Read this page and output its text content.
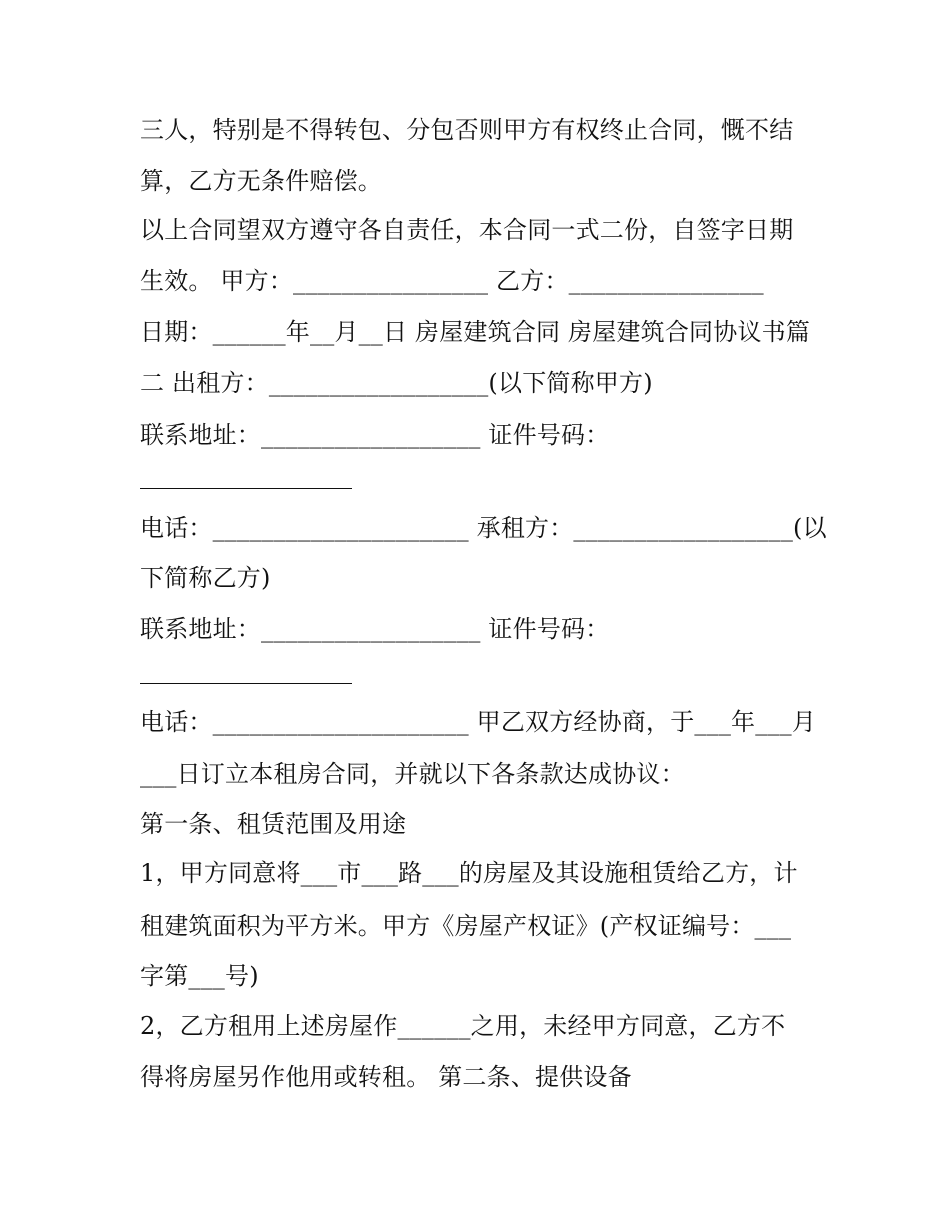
三人，特别是不得转包、分包否则甲方有权终止合同，慨不结
算，乙方无条件赔偿。
以上合同望双方遵守各自责任，本合同一式二份，自签字日期
生效。 甲方：________________ 乙方：________________
日期：______年__月__日 房屋建筑合同 房屋建筑合同协议书篇
二 出租方：__________________(以下简称甲方)
联系地址：__________________ 证件号码：
电话：_____________________ 承租方：__________________(以
下简称乙方)
联系地址：__________________ 证件号码：
电话：_____________________ 甲乙双方经协商，于___年___月
___日订立本租房合同，并就以下各条款达成协议：
第一条、租赁范围及用途
1，甲方同意将___市___路___的房屋及其设施租赁给乙方，计
租建筑面积为平方米。甲方《房屋产权证》(产权证编号：___
字第___号)
2，乙方租用上述房屋作______之用，未经甲方同意，乙方不
得将房屋另作他用或转租。 第二条、提供设备
